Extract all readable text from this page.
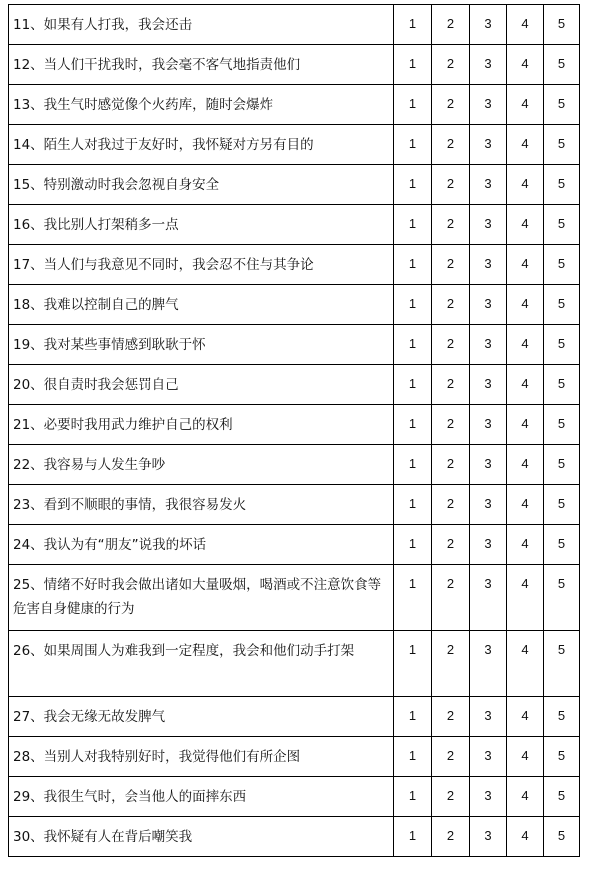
11、如果有人打我，我会还击	1	2	3	4	5
12、当人们干扰我时，我会毫不客气地指责他们	1	2	3	4	5
13、我生气时感觉像个火药库，随时会爆炸	1	2	3	4	5
14、陌生人对我过于友好时，我怀疑对方另有目的	1	2	3	4	5
15、特别激动时我会忽视自身安全	1	2	3	4	5
16、我比别人打架稍多一点	1	2	3	4	5
17、当人们与我意见不同时，我会忍不住与其争论	1	2	3	4	5
18、我难以控制自己的脾气	1	2	3	4	5
19、我对某些事情感到耿耿于怀	1	2	3	4	5
20、很自责时我会惩罚自己	1	2	3	4	5
21、必要时我用武力维护自己的权利	1	2	3	4	5
22、我容易与人发生争吵	1	2	3	4	5
23、看到不顺眼的事情，我很容易发火	1	2	3	4	5
24、我认为有“朋友”说我的坏话	1	2	3	4	5
25、情绪不好时我会做出诸如大量吸烟，喝酒或不注意饮食等危害自身健康的行为	1	2	3	4	5
26、如果周围人为难我到一定程度，我会和他们动手打架	1	2	3	4	5
27、我会无缘无故发脾气	1	2	3	4	5
28、当别人对我特别好时，我觉得他们有所企图	1	2	3	4	5
29、我很生气时，会当他人的面摔东西	1	2	3	4	5
30、我怀疑有人在背后嘲笑我	1	2	3	4	5
